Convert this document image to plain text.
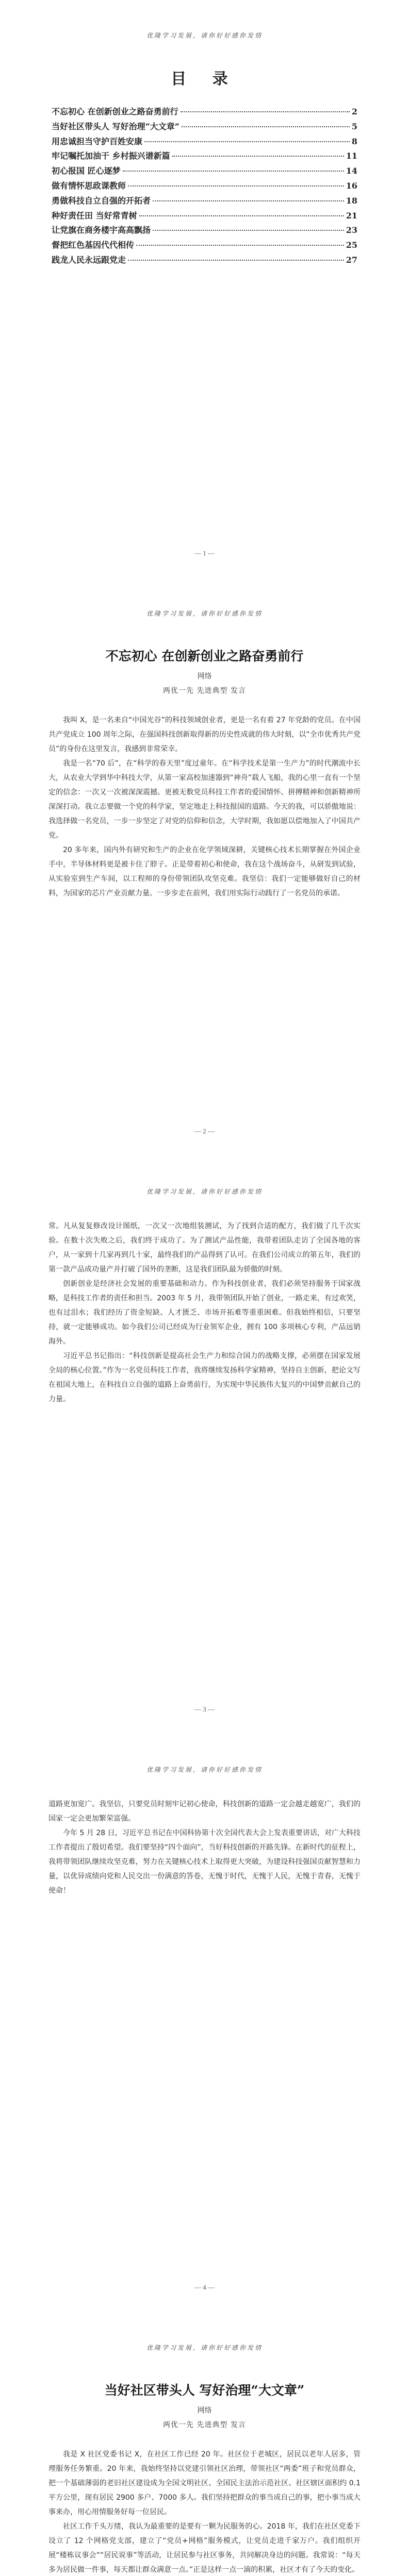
优隆学习发展，请你好好感你发情
目 录
不忘初心 在创新创业之路奋勇前行	2
当好社区带头人 写好治理“大文章”	5
用忠诚担当守护百姓安康	8
牢记嘱托加油干 乡村振兴谱新篇	11
初心报国 匠心逐梦	14
做有情怀思政课教师	16
勇做科技自立自强的开拓者	18
种好责任田 当好常青树	21
让党旗在商务楼宇高高飘扬	23
督把红色基因代代相传	25
践龙人民永远跟党走	27
— 1 —
优隆学习发展，请你好好感你发情
不忘初心 在创新创业之路奋勇前行
网络
两优一先 先进典型 发言

我叫 X，是一名来自“中国光谷”的科技领域创业者，更是一名有着 27 年党龄的党员。在中国共产党成立 100 周年之际，在强国科技创新取得新的历史性成就的伟大时刻，以“全市优秀共产党员”的身份在这里发言，我感到非常荣幸。

我是一名“70 后”，在“科学的春天里”度过童年。在“科学技术是第一生产力”的时代潮流中长大，从农业大学到华中科技大学，从第一家高校加速器到“神舟”载人飞船，我的心里一直有一个坚定的信念：一次又一次被深深震撼。更被无数党员科技工作者的爱国情怀、拼搏精神和创新精神所深深打动。我立志要做一个党的科学家，坚定地走上科技报国的道路。今天的我，可以骄傲地说：我选择做一名党员，一步一步坚定了对党的信仰和信念，大学时期，我如愿以偿地加入了中国共产党。

20 多年来，国内外有研究和生产的企业在化学领域深耕，关键核心技术长期掌握在外国企业手中，半导体材料更是被卡住了脖子。正是带着初心和使命，我在这个战场奋斗，从研发到试验，从实验室到生产车间，以工程师的身份带领团队攻坚克难。我坚信：我们一定能够做好自己的材料，为国家的芯片产业贡献力量。一步步走在前列，我们用实际行动践行了一名党员的承诺。

— 2 —
优隆学习发展，请你好好感你发情

常。凡从复复修改设计图纸，一次又一次地组装测试，为了找到合适的配方，我们做了几千次实验。在数十次失败之后，我们终于成功了。为了测试产品性能，我带着团队走访了全国各地的客户，从一家到十几家再到几十家，最终我们的产品得到了认可。在我们公司成立的第五年，我们的第一款产品成功量产并打破了国外的垄断，这是我们团队最为骄傲的时刻。

创新创业是经济社会发展的重要基础和动力。作为科技创业者，我们必须坚持服务于国家战略，是科技工作者的责任和担当。2003 年 5 月，我带领团队开始了创业，一路走来，有过欢笑，也有过泪水；我们经历了资金短缺、人才匮乏、市场开拓难等重重困难。但我始终相信，只要坚持，就一定能够成功。如今我们公司已经成为行业领军企业，拥有 100 多项核心专利，产品远销海外。

习近平总书记指出：“科技创新是提高社会生产力和综合国力的战略支撑，必须摆在国家发展全局的核心位置。”作为一名党员科技工作者，我将继续发扬科学家精神，坚持自主创新，把论文写在祖国大地上，在科技自立自强的道路上奋勇前行，为实现中华民族伟大复兴的中国梦贡献自己的力量。

— 3 —
优隆学习发展，请你好好感你发情

道路更加宽广。我坚信，只要党员时刻牢记初心使命，科技创新的道路一定会越走越宽广，我们的国家一定会更加繁荣富强。

今年 5 月 28 日，习近平总书记在中国科协第十次全国代表大会上发表重要讲话，对广大科技工作者提出了殷切希望。我们要坚持“四个面向”，当好科技创新的开路先锋。在新时代的征程上，我将带领团队继续攻坚克难，努力在关键核心技术上取得更大突破，为建设科技强国贡献智慧和力量，以优异成绩向党和人民交出一份满意的答卷，无愧于时代，无愧于人民，无愧于青春，无愧于使命！

— 4 —
优隆学习发展，请你好好感你发情
当好社区带头人 写好治理“大文章”
网络
两优一先 先进典型 发言

我是 X 社区党委书记 X，在社区工作已经 20 年。社区位于老城区，居民以老年人居多，管理服务任务繁重。20 年来，我始终坚持以党建引领社区治理，带领社区“两委”班子和党员群众，把一个基础薄弱的老旧社区建设成为全国文明社区、全国民主法治示范社区。社区辖区面积约 0.1 平方公里，现有居民 2900 多户、7000 多人。我们坚持把群众的事当成自己的事，把小事当成大事来办，用心用情服务好每一位居民。

社区工作千头万绪，我认为最重要的是要有一颗为民服务的心。2018 年，我们在社区党委下设立了 12 个网格党支部，建立了“党员+网格”服务模式，让党员走进千家万户。我们组织开展“楼栋议事会”“居民说事”等活动，让居民参与社区事务，共同解决身边的问题。我常说：“每天多为居民做一件事，每天都让群众满意一点。”正是这样一点一滴的积累，社区才有了今天的变化。
